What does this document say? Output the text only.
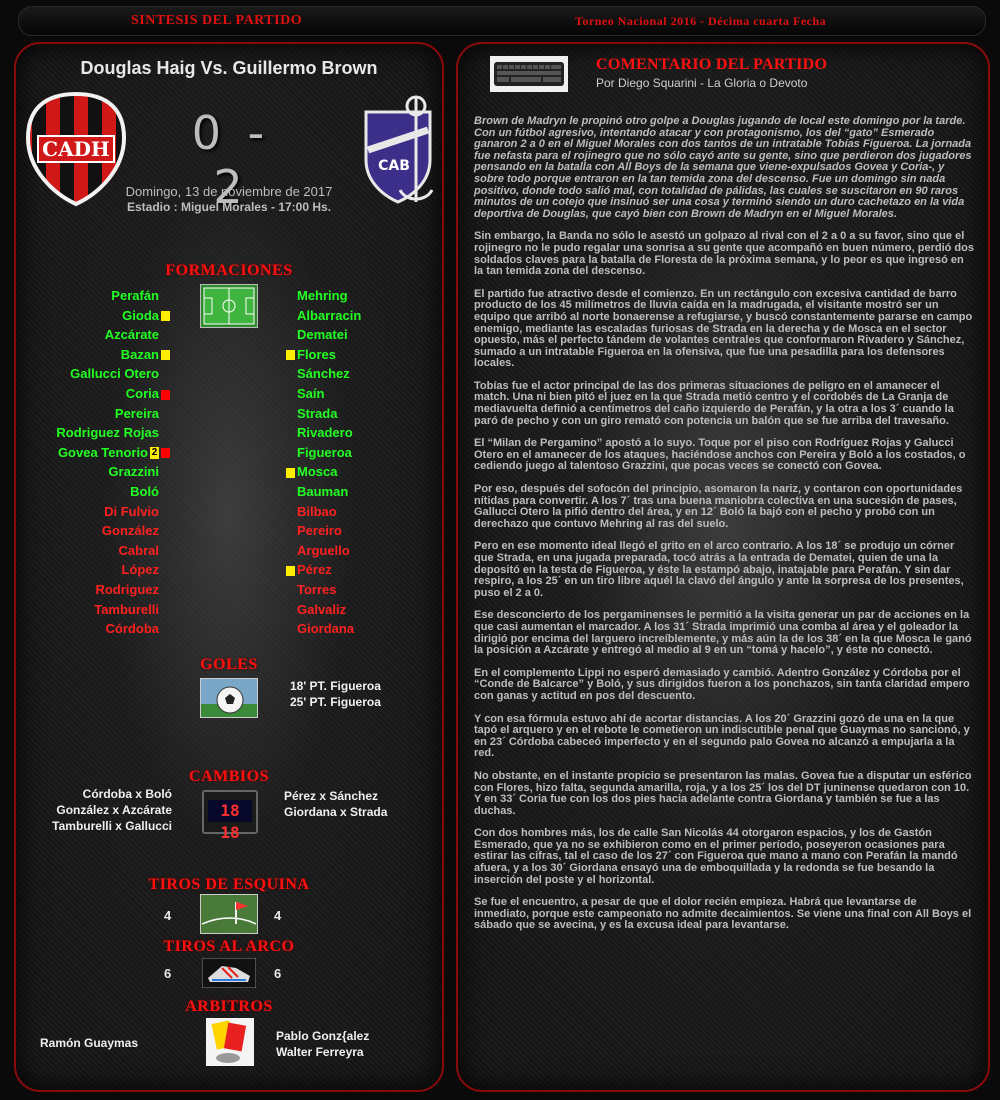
SINTESIS DEL PARTIDO	Torneo Nacional 2016 - Décima cuarta Fecha
Douglas Haig Vs. Guillermo Brown
CADH	0 - 2	CAB
Domingo, 13 de noviembre de 2017
Estadio : Miguel Morales - 17:00 Hs.
FORMACIONES
Perafán
Gioda
Azcárate
Bazan
Gallucci Otero
Coria
Pereira
Rodriguez Rojas
Govea Tenorio 2
Grazzini
Boló
Di Fulvio
González
Cabral
López
Rodriguez
Tamburelli
Córdoba
Mehring
Albarracin
Dematei
Flores
Sánchez
Saín
Strada
Rivadero
Figueroa
Mosca
Bauman
Bilbao
Pereiro
Arguello
Pérez
Torres
Galvaliz
Giordana
GOLES
18' PT. Figueroa
25' PT. Figueroa
CAMBIOS
Córdoba x Boló
González x Azcárate
Tamburelli x Gallucci
18 18
Pérez x Sánchez
Giordana x Strada
TIROS DE ESQUINA
4	4
TIROS AL ARCO
6	6
ARBITROS
Ramón Guaymas	Pablo Gonz{alez
Walter Ferreyra
COMENTARIO DEL PARTIDO
Por Diego Squarini - La Gloria o Devoto

Brown de Madryn le propinó otro golpe a Douglas jugando de local este domingo por la tarde. Con un fútbol agresivo, intentando atacar y con protagonismo, los del “gato” Esmerado ganaron 2 a 0 en el Miguel Morales con dos tantos de un intratable Tobías Figueroa. La jornada fue nefasta para el rojinegro que no sólo cayó ante su gente, sino que perdieron dos jugadores pensando en la batalla con All Boys de la semana que viene-expulsados Govea y Coria-, y sobre todo porque entraron en la tan temida zona del descenso. Fue un domingo sin nada positivo, donde todo salió mal, con totalidad de pálidas, las cuales se suscitaron en 90 raros minutos de un cotejo que insinuó ser una cosa y terminó siendo un duro cachetazo en la vida deportiva de Douglas, que cayó bien con Brown de Madryn en el Miguel Morales.

Sin embargo, la Banda no sólo le asestó un golpazo al rival con el 2 a 0 a su favor, sino que el rojinegro no le pudo regalar una sonrisa a su gente que acompañó en buen número, perdió dos soldados claves para la batalla de Floresta de la próxima semana, y lo peor es que ingresó en la tan temida zona del descenso.

El partido fue atractivo desde el comienzo. En un rectángulo con excesiva cantidad de barro producto de los 45 milímetros de lluvia caída en la madrugada, el visitante mostró ser un equipo que arribó al norte bonaerense a refugiarse, y buscó constantemente pararse en campo enemigo, mediante las escaladas furiosas de Strada en la derecha y de Mosca en el sector opuesto, más el perfecto tándem de volantes centrales que conformaron Rivadero y Sánchez, sumado a un intratable Figueroa en la ofensiva, que fue una pesadilla para los defensores locales.

Tobías fue el actor principal de las dos primeras situaciones de peligro en el amanecer el match. Una ni bien pitó el juez en la que Strada metió centro y el cordobés de La Granja de mediavuelta definió a centímetros del caño izquierdo de Perafán, y la otra a los 3´ cuando la paró de pecho y con un giro remató con potencia un balón que se fue arriba del travesaño.

El “Milan de Pergamino” apostó a lo suyo. Toque por el piso con Rodríguez Rojas y Galucci Otero en el amanecer de los ataques, haciéndose anchos con Pereira y Boló a los costados, o cediendo juego al talentoso Grazzini, que pocas veces se conectó con Govea.

Por eso, después del sofocón del principio, asomaron la nariz, y contaron con oportunidades nítidas para convertir. A los 7´ tras una buena maniobra colectiva en una sucesión de pases, Gallucci Otero la pifió dentro del área, y en 12´ Boló la bajó con el pecho y probó con un derechazo que contuvo Mehring al ras del suelo.

Pero en ese momento ideal llegó el grito en el arco contrario. A los 18´ se produjo un córner que Strada, en una jugada preparada, tocó atrás a la entrada de Dematei, quien de una la depositó en la testa de Figueroa, y éste la estampó abajo, inatajable para Perafán. Y sin dar respiro, a los 25´ en un tiro libre aquél la clavó del ángulo y ante la sorpresa de los presentes, puso el 2 a 0.

Ese desconcierto de los pergaminenses le permitió a la visita generar un par de acciones en la que casi aumentan el marcador. A los 31´ Strada imprimió una comba al área y el goleador la dirigió por encima del larguero increíblemente, y más aún la de los 38´ en la que Mosca le ganó la posición a Azcárate y entregó al medio al 9 en un “tomá y hacelo”, y éste no conectó.

En el complemento Lippi no esperó demasiado y cambió. Adentro González y Córdoba por el “Conde de Balcarce” y Boló, y sus dirigidos fueron a los ponchazos, sin tanta claridad empero con ganas y actitud en pos del descuento.

Y con esa fórmula estuvo ahí de acortar distancias. A los 20´ Grazzini gozó de una en la que tapó el arquero y en el rebote le cometieron un indiscutible penal que Guaymas no sancionó, y en 23´ Córdoba cabeceó imperfecto y en el segundo palo Govea no alcanzó a empujarla a la red.

No obstante, en el instante propicio se presentaron las malas. Govea fue a disputar un esférico con Flores, hizo falta, segunda amarilla, roja, y a los 25´ los del DT juninense quedaron con 10. Y en 33´ Coria fue con los dos pies hacia adelante contra Giordana y también se fue a las duchas.

Con dos hombres más, los de calle San Nicolás 44 otorgaron espacios, y los de Gastón Esmerado, que ya no se exhibieron como en el primer período, poseyeron ocasiones para estirar las cifras, tal el caso de los 27´ con Figueroa que mano a mano con Perafán la mandó afuera, y a los 30´ Giordana ensayó una de emboquillada y la redonda se fue besando la inserción del poste y el horizontal.

Se fue el encuentro, a pesar de que el dolor recién empieza. Habrá que levantarse de inmediato, porque este campeonato no admite decaimientos. Se viene una final con All Boys el sábado que se avecina, y es la excusa ideal para levantarse.
